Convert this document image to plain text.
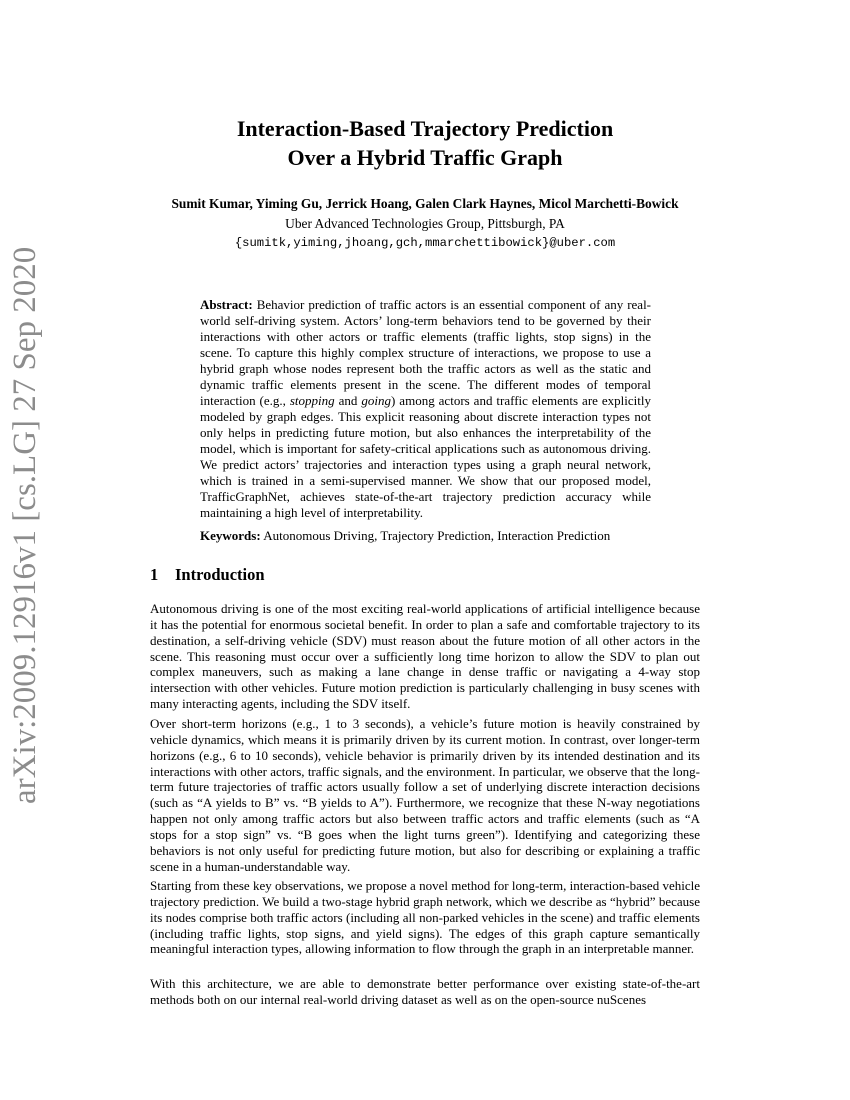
arXiv:2009.12916v1 [cs.LG] 27 Sep 2020
Interaction-Based Trajectory Prediction
Over a Hybrid Traffic Graph
Sumit Kumar, Yiming Gu, Jerrick Hoang, Galen Clark Haynes, Micol Marchetti-Bowick
Uber Advanced Technologies Group, Pittsburgh, PA
{sumitk,yiming,jhoang,gch,mmarchettibowick}@uber.com
Abstract: Behavior prediction of traffic actors is an essential component of any real-world self-driving system. Actors’ long-term behaviors tend to be governed by their interactions with other actors or traffic elements (traffic lights, stop signs) in the scene. To capture this highly complex structure of interactions, we propose to use a hybrid graph whose nodes represent both the traffic actors as well as the static and dynamic traffic elements present in the scene. The different modes of temporal interaction (e.g., stopping and going) among actors and traffic elements are explicitly modeled by graph edges. This explicit reasoning about discrete interaction types not only helps in predicting future motion, but also enhances the interpretability of the model, which is important for safety-critical applications such as autonomous driving. We predict actors’ trajectories and interaction types using a graph neural network, which is trained in a semi-supervised manner. We show that our proposed model, TrafficGraphNet, achieves state-of-the-art trajectory prediction accuracy while maintaining a high level of interpretability.
Keywords: Autonomous Driving, Trajectory Prediction, Interaction Prediction
1 Introduction

Autonomous driving is one of the most exciting real-world applications of artificial intelligence because it has the potential for enormous societal benefit. In order to plan a safe and comfortable trajectory to its destination, a self-driving vehicle (SDV) must reason about the future motion of all other actors in the scene. This reasoning must occur over a sufficiently long time horizon to allow the SDV to plan out complex maneuvers, such as making a lane change in dense traffic or navigating a 4-way stop intersection with other vehicles. Future motion prediction is particularly challenging in busy scenes with many interacting agents, including the SDV itself.

Over short-term horizons (e.g., 1 to 3 seconds), a vehicle’s future motion is heavily constrained by vehicle dynamics, which means it is primarily driven by its current motion. In contrast, over longer-term horizons (e.g., 6 to 10 seconds), vehicle behavior is primarily driven by its intended destination and its interactions with other actors, traffic signals, and the environment. In particular, we observe that the long-term future trajectories of traffic actors usually follow a set of underlying discrete interaction decisions (such as “A yields to B” vs. “B yields to A”). Furthermore, we recognize that these N-way negotiations happen not only among traffic actors but also between traffic actors and traffic elements (such as “A stops for a stop sign” vs. “B goes when the light turns green”). Identifying and categorizing these behaviors is not only useful for predicting future motion, but also for describing or explaining a traffic scene in a human-understandable way.

Starting from these key observations, we propose a novel method for long-term, interaction-based vehicle trajectory prediction. We build a two-stage hybrid graph network, which we describe as “hybrid” because its nodes comprise both traffic actors (including all non-parked vehicles in the scene) and traffic elements (including traffic lights, stop signs, and yield signs). The edges of this graph capture semantically meaningful interaction types, allowing information to flow through the graph in an interpretable manner.

With this architecture, we are able to demonstrate better performance over existing state-of-the-art methods both on our internal real-world driving dataset as well as on the open-source nuScenes
